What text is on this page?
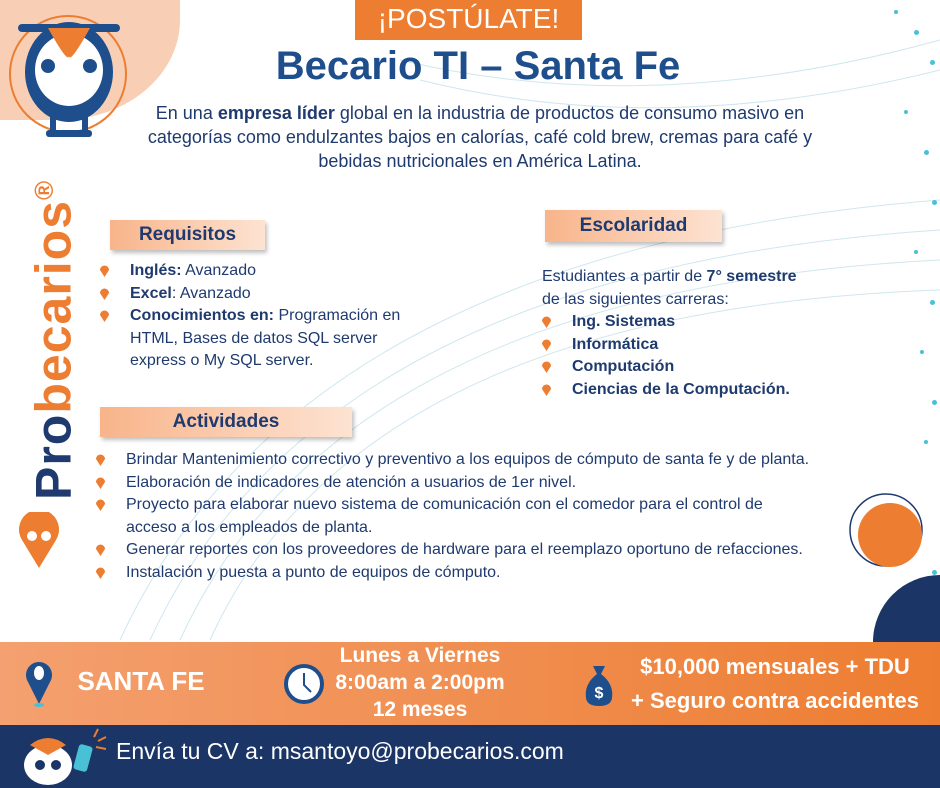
Probecarios®
¡POSTÚLATE!
Becario TI – Santa Fe
En una empresa líder global en la industria de productos de consumo masivo en categorías como endulzantes bajos en calorías, café cold brew, cremas para café y bebidas nutricionales en América Latina.
Requisitos
Inglés: Avanzado
Excel: Avanzado
Conocimientos en: Programación en HTML, Bases de datos SQL server express o My SQL server.
Escolaridad
Estudiantes a partir de 7° semestre
de las siguientes carreras:
Ing. Sistemas
Informática
Computación
Ciencias de la Computación.
Actividades
Brindar Mantenimiento correctivo y preventivo a los equipos de cómputo de santa fe y de planta.
Elaboración de indicadores de atención a usuarios de 1er nivel.
Proyecto para elaborar nuevo sistema de comunicación con el comedor para el control de acceso a los empleados de planta.
Generar reportes con los proveedores de hardware para el reemplazo oportuno de refacciones.
Instalación y puesta a punto de equipos de cómputo.
SANTA FE
Lunes a Viernes
8:00am a 2:00pm
12 meses
$
$10,000 mensuales + TDU
+ Seguro contra accidentes
Envía tu CV a: msantoyo@probecarios.com
